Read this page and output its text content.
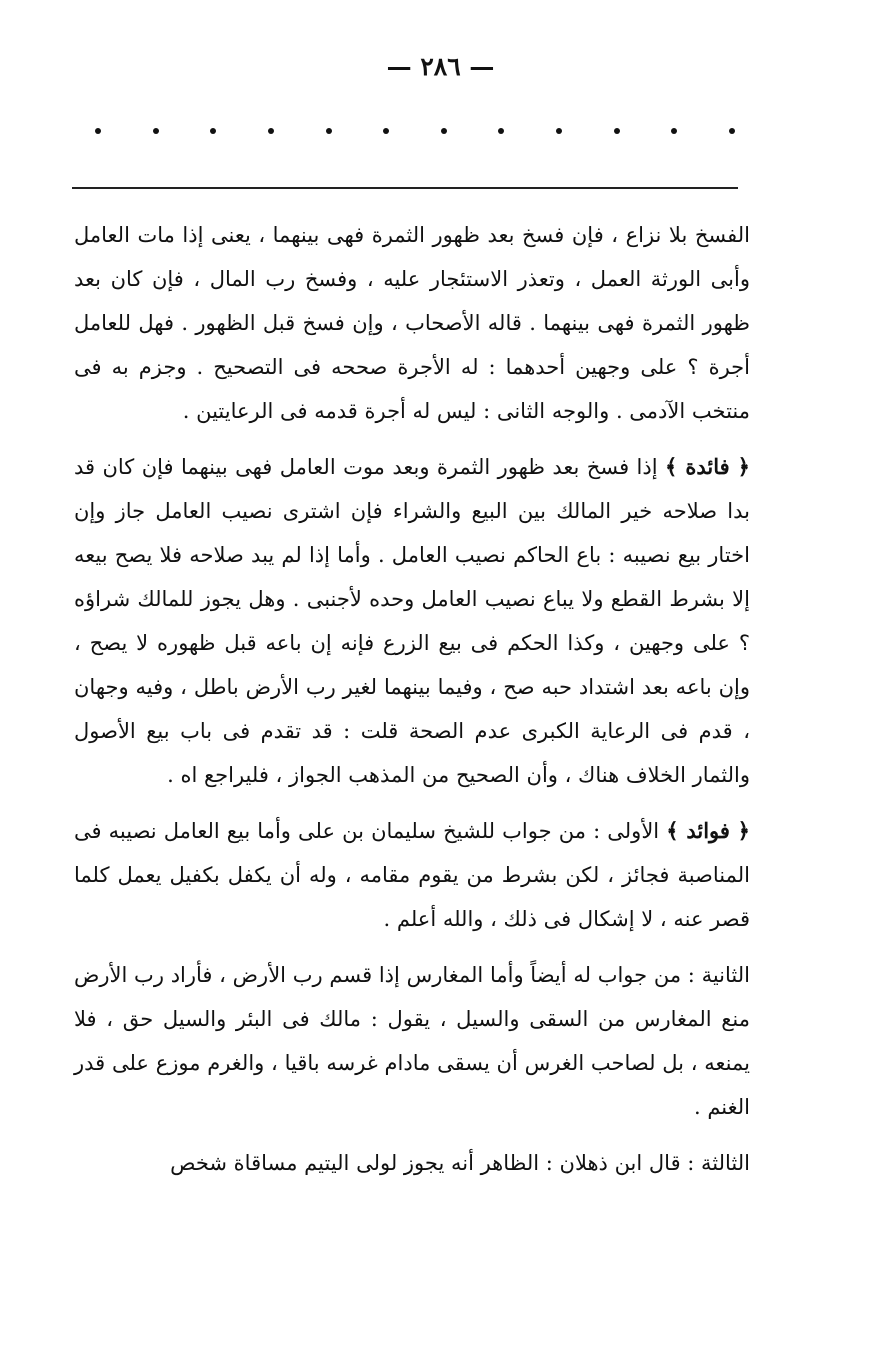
— ٢٨٦ —

الفسخ بلا نزاع ، فإن فسخ بعد ظهور الثمرة فهى بينهما ، يعنى إذا مات العامل وأبى الورثة العمل ، وتعذر الاستئجار عليه ، وفسخ رب المال ، فإن كان بعد ظهور الثمرة فهى بينهما . قاله الأصحاب ، وإن فسخ قبل الظهور . فهل للعامل أجرة ؟ على وجهين أحدهما : له الأجرة صححه فى التصحيح . وجزم به فى منتخب الآدمى . والوجه الثانى : ليس له أجرة قدمه فى الرعايتين .

﴿ فائدة ﴾ إذا فسخ بعد ظهور الثمرة وبعد موت العامل فهى بينهما فإن كان قد بدا صلاحه خير المالك بين البيع والشراء فإن اشترى نصيب العامل جاز وإن اختار بيع نصيبه : باع الحاكم نصيب العامل . وأما إذا لم يبد صلاحه فلا يصح بيعه إلا بشرط القطع ولا يباع نصيب العامل وحده لأجنبى . وهل يجوز للمالك شراؤه ؟ على وجهين ، وكذا الحكم فى بيع الزرع فإنه إن باعه قبل ظهوره لا يصح ، وإن باعه بعد اشتداد حبه صح ، وفيما بينهما لغير رب الأرض باطل ، وفيه وجهان ، قدم فى الرعاية الكبرى عدم الصحة قلت : قد تقدم فى باب بيع الأصول والثمار الخلاف هناك ، وأن الصحيح من المذهب الجواز ، فليراجع اه .

﴿ فوائد ﴾ الأولى : من جواب للشيخ سليمان بن على وأما بيع العامل نصيبه فى المناصبة فجائز ، لكن بشرط من يقوم مقامه ، وله أن يكفل بكفيل يعمل كلما قصر عنه ، لا إشكال فى ذلك ، والله أعلم .

الثانية : من جواب له أيضاً وأما المغارس إذا قسم رب الأرض ، فأراد رب الأرض منع المغارس من السقى والسيل ، يقول : مالك فى البئر والسيل حق ، فلا يمنعه ، بل لصاحب الغرس أن يسقى مادام غرسه باقيا ، والغرم موزع على قدر الغنم .

الثالثة : قال ابن ذهلان : الظاهر أنه يجوز لولى اليتيم مساقاة شخص
